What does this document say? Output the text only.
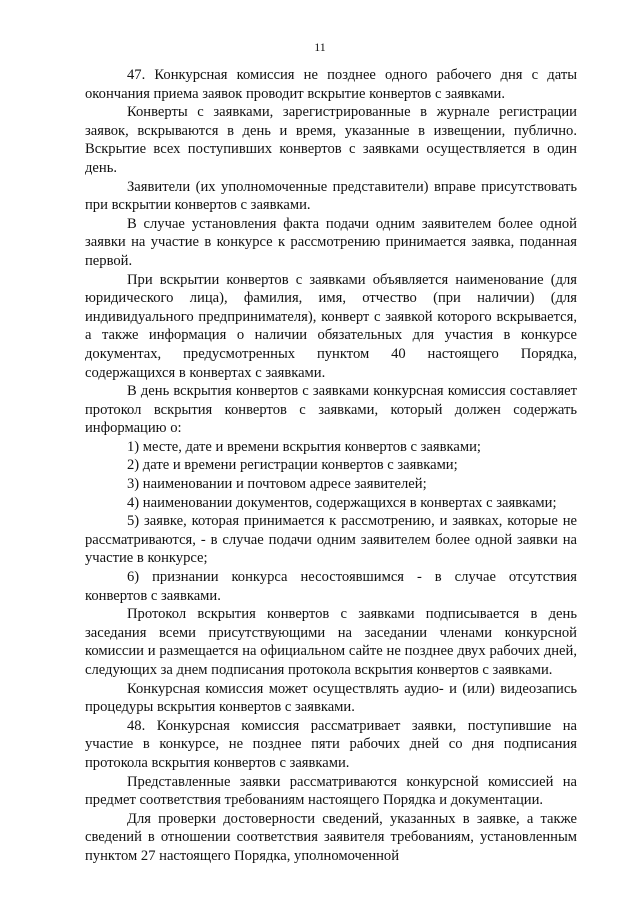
11

47. Конкурсная комиссия не позднее одного рабочего дня с даты окончания приема заявок проводит вскрытие конвертов с заявками.

Конверты с заявками, зарегистрированные в журнале регистрации заявок, вскрываются в день и время, указанные в извещении, публично. Вскрытие всех поступивших конвертов с заявками осуществляется в один день.

Заявители (их уполномоченные представители) вправе присутствовать при вскрытии конвертов с заявками.

В случае установления факта подачи одним заявителем более одной заявки на участие в конкурсе к рассмотрению принимается заявка, поданная первой.

При вскрытии конвертов с заявками объявляется наименование (для юридического лица), фамилия, имя, отчество (при наличии) (для индивидуального предпринимателя), конверт с заявкой которого вскрывается, а также информация о наличии обязательных для участия в конкурсе документах, предусмотренных пунктом 40 настоящего Порядка, содержащихся в конвертах с заявками.

В день вскрытия конвертов с заявками конкурсная комиссия составляет протокол вскрытия конвертов с заявками, который должен содержать информацию о:

1) месте, дате и времени вскрытия конвертов с заявками;

2) дате и времени регистрации конвертов с заявками;

3) наименовании и почтовом адресе заявителей;

4) наименовании документов, содержащихся в конвертах с заявками;

5) заявке, которая принимается к рассмотрению, и заявках, которые не рассматриваются, - в случае подачи одним заявителем более одной заявки на участие в конкурсе;

6) признании конкурса несостоявшимся - в случае отсутствия конвертов с заявками.

Протокол вскрытия конвертов с заявками подписывается в день заседания всеми присутствующими на заседании членами конкурсной комиссии и размещается на официальном сайте не позднее двух рабочих дней, следующих за днем подписания протокола вскрытия конвертов с заявками.

Конкурсная комиссия может осуществлять аудио- и (или) видеозапись процедуры вскрытия конвертов с заявками.

48. Конкурсная комиссия рассматривает заявки, поступившие на участие в конкурсе, не позднее пяти рабочих дней со дня подписания протокола вскрытия конвертов с заявками.

Представленные заявки рассматриваются конкурсной комиссией на предмет соответствия требованиям настоящего Порядка и документации.

Для проверки достоверности сведений, указанных в заявке, а также сведений в отношении соответствия заявителя требованиям, установленным пунктом 27 настоящего Порядка, уполномоченной
